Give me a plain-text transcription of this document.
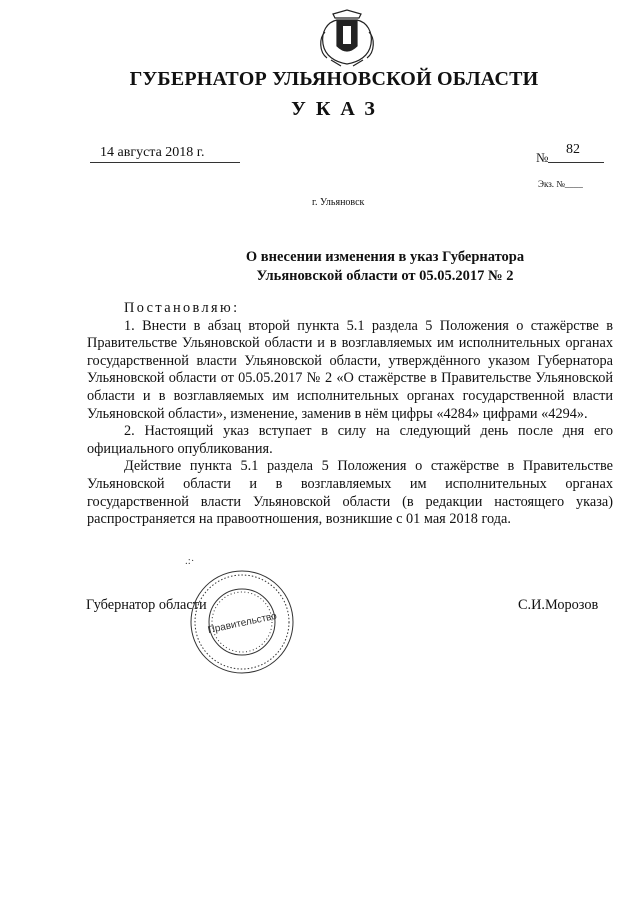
ГУБЕРНАТОР УЛЬЯНОВСКОЙ ОБЛАСТИ
УКАЗ
14 августа 2018 г.	№
82
Экз. №____
г. Ульяновск
О внесении изменения в указ Губернатора
Ульяновской области от 05.05.2017 № 2

Постановляю:

1. Внести в абзац второй пункта 5.1 раздела 5 Положения о стажёрстве в Правительстве Ульяновской области и в возглавляемых им исполнительных органах государственной власти Ульяновской области, утверждённого указом Губернатора Ульяновской области от 05.05.2017 № 2 «О стажёрстве в Правительстве Ульяновской области и в возглавляемых им исполнительных органах государственной власти Ульяновской области», изменение, заменив в нём цифры «4284» цифрами «4294».

2. Настоящий указ вступает в силу на следующий день после дня его официального опубликования.

Действие пункта 5.1 раздела 5 Положения о стажёрстве в Правительстве Ульяновской области и в возглавляемых им исполнительных органах государственной власти Ульяновской области (в редакции настоящего указа) распространяется на правоотношения, возникшие с 01 мая 2018 года.

.:·
Губернатор области
Правительство
С.И.Морозов
